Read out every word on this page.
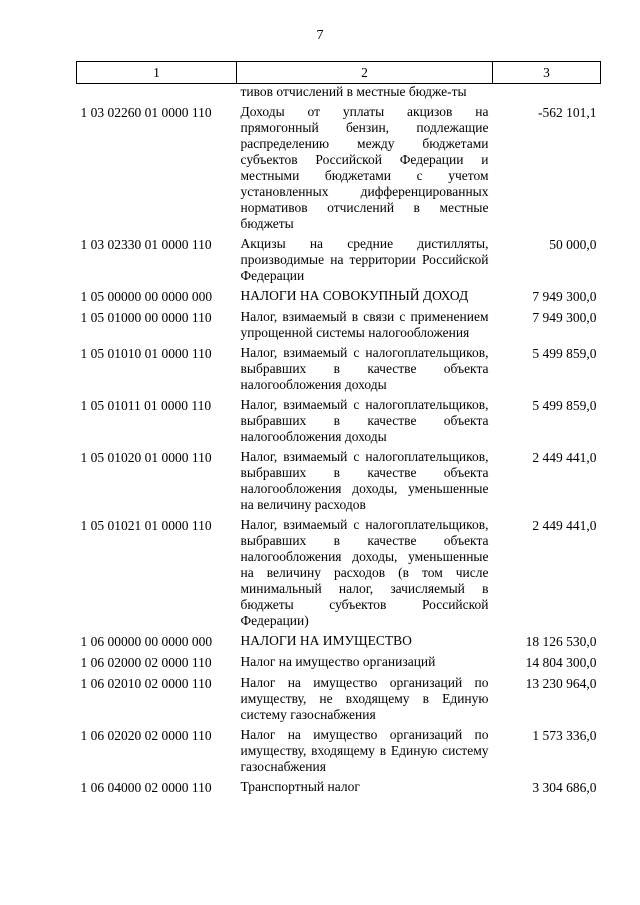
7
1	2	3

	тивов отчислений в местные бюдже-ты	

1 03 02260 01 0000 110	Доходы от уплаты акцизов на прямогонный бензин, подлежащие распределению между бюджетами субъектов Российской Федерации и местными бюджетами с учетом установленных дифференцированных нормативов отчислений в местные бюджеты	-562 101,1
1 03 02330 01 0000 110	Акцизы на средние дистилляты, производимые на территории Российской Федерации	50 000,0
1 05 00000 00 0000 000	НАЛОГИ НА СОВОКУПНЫЙ ДОХОД	7 949 300,0
1 05 01000 00 0000 110	Налог, взимаемый в связи с применением упрощенной системы налогообложения	7 949 300,0
1 05 01010 01 0000 110	Налог, взимаемый с налогоплательщиков, выбравших в качестве объекта налогообложения доходы	5 499 859,0
1 05 01011 01 0000 110	Налог, взимаемый с налогоплательщиков, выбравших в качестве объекта налогообложения доходы	5 499 859,0
1 05 01020 01 0000 110	Налог, взимаемый с налогоплательщиков, выбравших в качестве объекта налогообложения доходы, уменьшенные на величину расходов	2 449 441,0
1 05 01021 01 0000 110	Налог, взимаемый с налогоплательщиков, выбравших в качестве объекта налогообложения доходы, уменьшенные на величину расходов (в том числе минимальный налог, зачисляемый в бюджеты субъектов Российской Федерации)	2 449 441,0
1 06 00000 00 0000 000	НАЛОГИ НА ИМУЩЕСТВО	18 126 530,0
1 06 02000 02 0000 110	Налог на имущество организаций	14 804 300,0
1 06 02010 02 0000 110	Налог на имущество организаций по имуществу, не входящему в Единую систему газоснабжения	13 230 964,0
1 06 02020 02 0000 110	Налог на имущество организаций по имуществу, входящему в Единую систему газоснабжения	1 573 336,0
1 06 04000 02 0000 110	Транспортный налог	3 304 686,0
